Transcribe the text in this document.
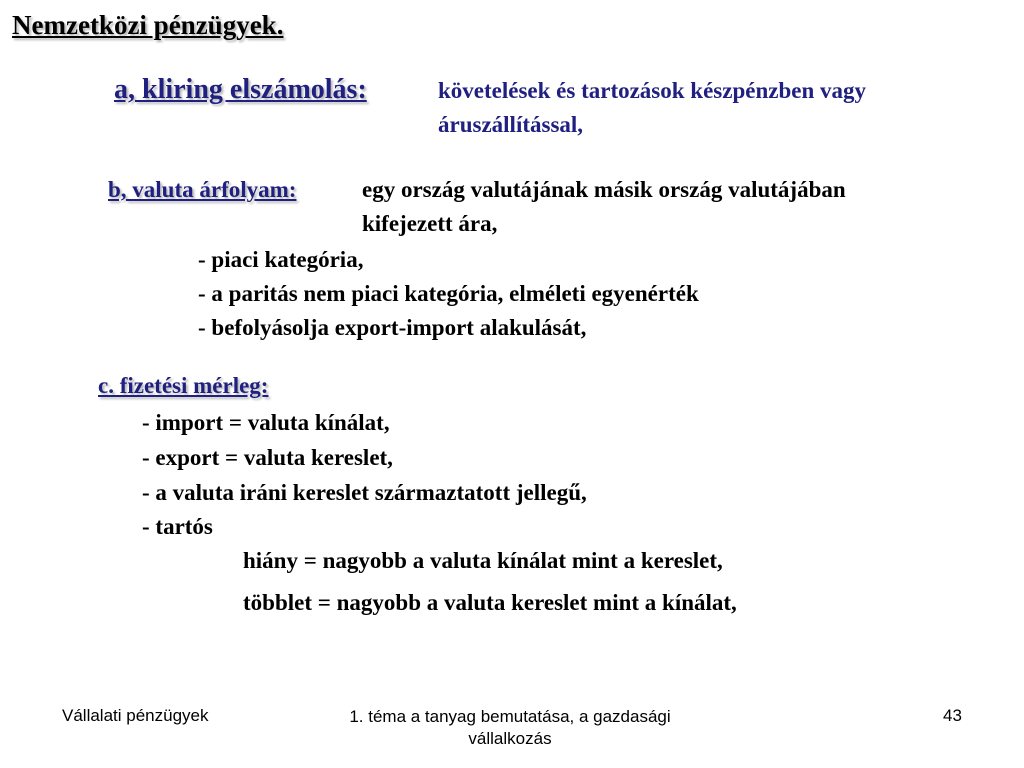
Nemzetközi pénzügyek.
a, kliring elszámolás:	követelések és tartozások készpénzben vagy
áruszállítással,
b, valuta árfolyam:	egy ország valutájának másik ország valutájában
kifejezett ára,
- piaci kategória,
- a paritás nem piaci kategória, elméleti egyenérték
- befolyásolja export-import alakulását,
c. fizetési mérleg:
- import = valuta kínálat,
- export = valuta kereslet,
- a valuta iráni kereslet származtatott jellegű,
- tartós
hiány = nagyobb a valuta kínálat mint a kereslet,
többlet = nagyobb a valuta kereslet mint a kínálat,
Vállalati pénzügyek	1. téma a tanyag bemutatása, a gazdasági vállalkozás
43
